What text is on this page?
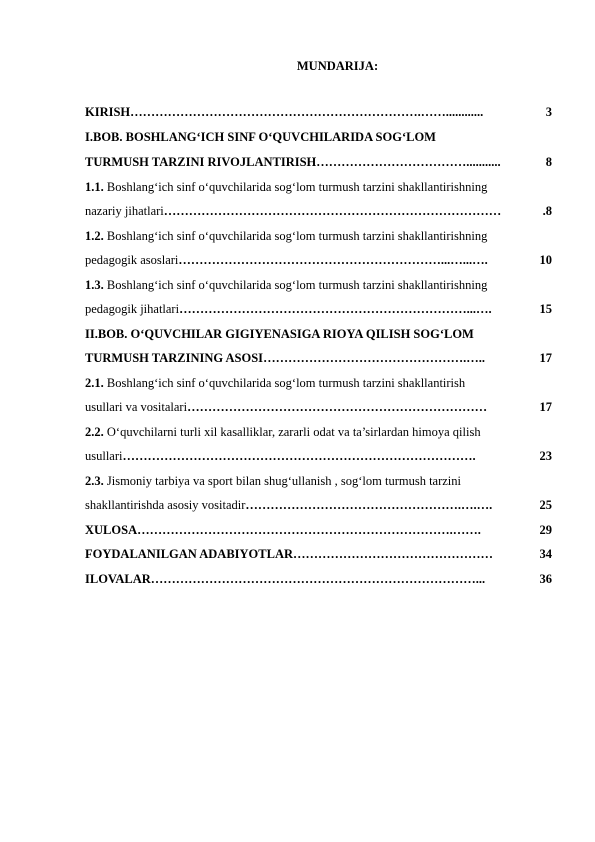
MUNDARIJA:
KIRISH …………………………………………………………….……............	3
I.BOB. BOSHLANG‘ICH SINF O‘QUVCHILARIDA SOG‘LOM
TURMUSH TARZINI RIVOJLANTIRISH ………………………………...........	8
1.1. Boshlang‘ich sinf o‘quvchilarida sog‘lom turmush tarzini shakllantirishning
nazariy jihatlari ………………………………………………………………………	.8
1.2. Boshlang‘ich sinf o‘quvchilarida sog‘lom turmush tarzini shakllantirishning
pedagogik asoslari ………………………………………………………...…...….	10
1.3. Boshlang‘ich sinf o‘quvchilarida sog‘lom turmush tarzini shakllantirishning
pedagogik jihatlari ……………………………………………………………...….	15
II.BOB. O‘QUVCHILAR GIGIYENASIGA RIOYA QILISH SOG‘LOM
TURMUSH TARZINING ASOSI ………………………………………….…..	17
2.1. Boshlang‘ich sinf o‘quvchilarida sog‘lom turmush tarzini shakllantirish
usullari va vositalari ………………………………………………………………	17
2.2. O‘quvchilarni turli xil kasalliklar, zararli odat va ta’sirlardan himoya qilish
usullari ………………………………………………………………………….	23
2.3. Jismoniy tarbiya va sport bilan shug‘ullanish , sog‘lom turmush tarzini
shakllantirishda asosiy vositadir …………………………………………….….….	25
XULOSA ………………………………………………………………….…….	29
FOYDALANILGAN ADABIYOTLAR …………………………………………	34
ILOVALAR ……………………………………………………………………...	36
